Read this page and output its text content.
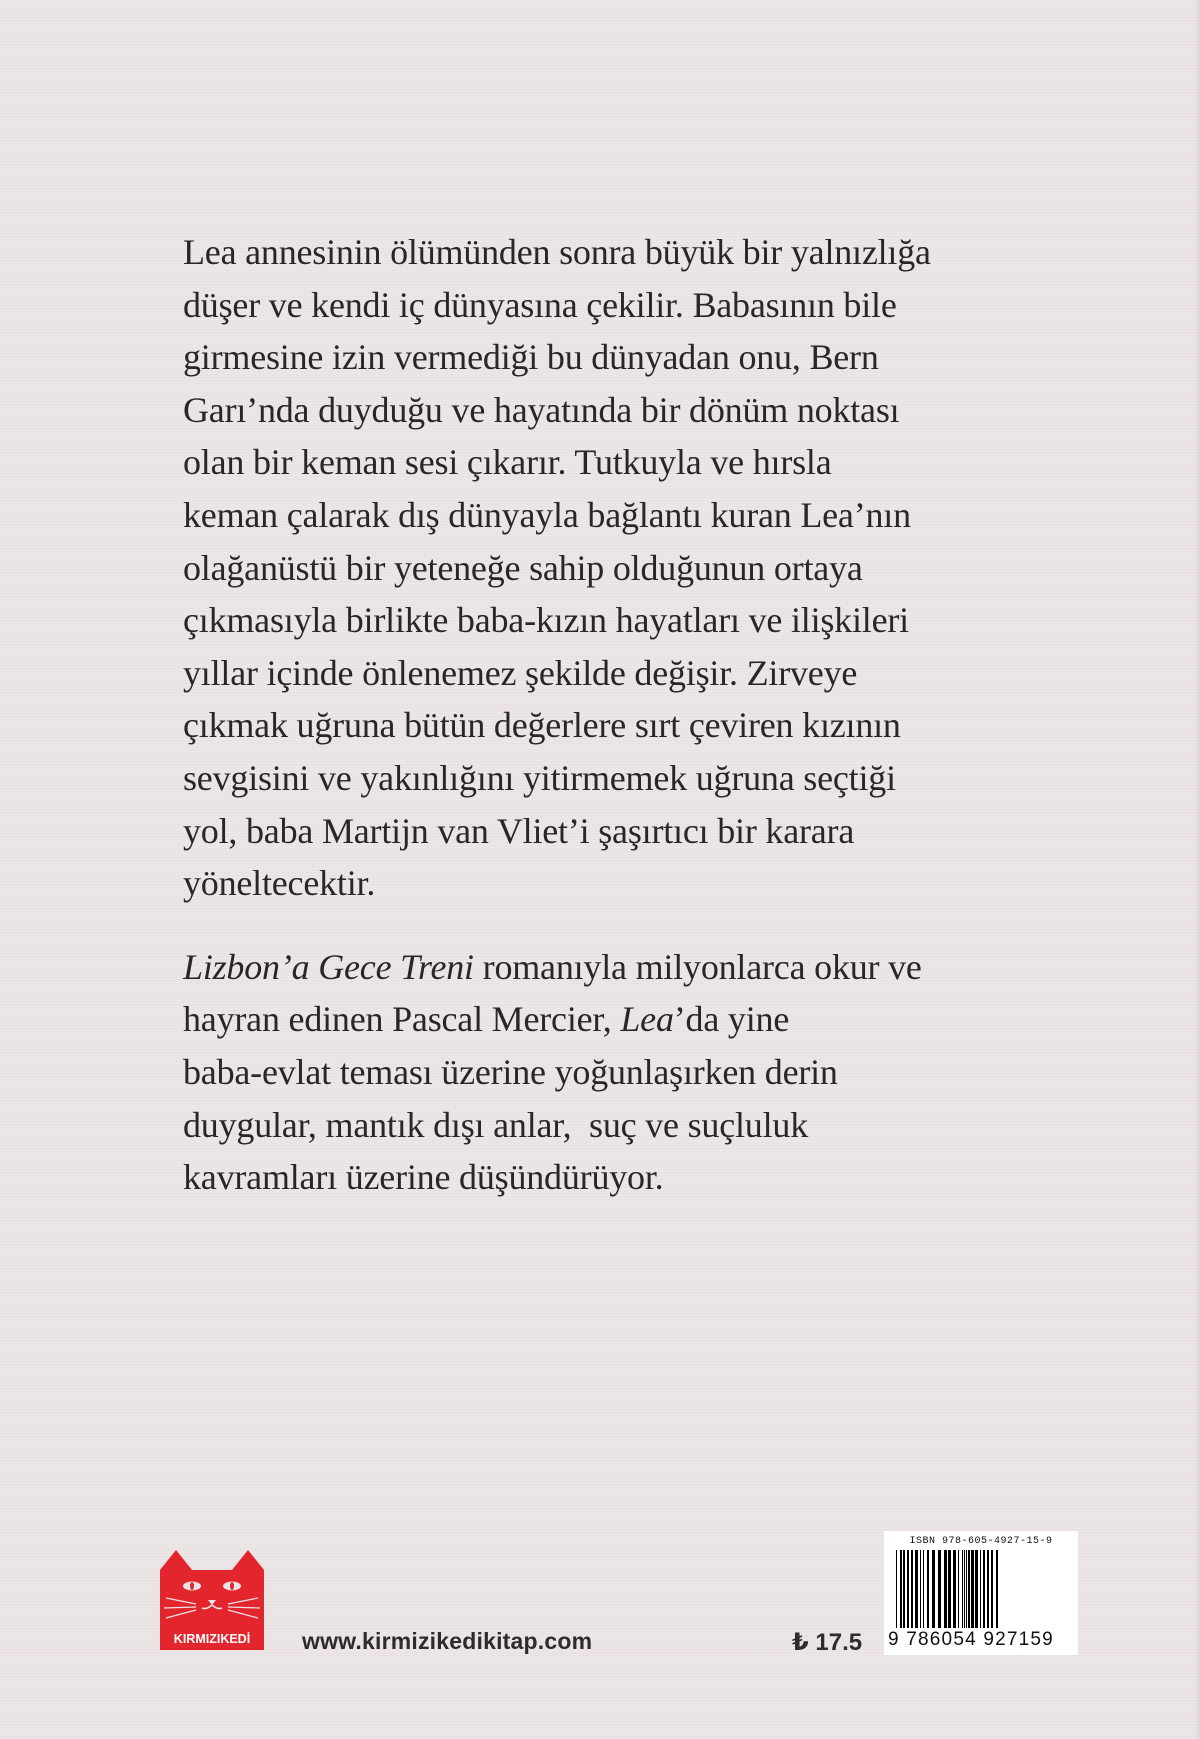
Lea annesinin ölümünden sonra büyük bir yalnızlığa
düşer ve kendi iç dünyasına çekilir. Babasının bile
girmesine izin vermediği bu dünyadan onu, Bern
Garı’nda duyduğu ve hayatında bir dönüm noktası
olan bir keman sesi çıkarır. Tutkuyla ve hırsla
keman çalarak dış dünyayla bağlantı kuran Lea’nın
olağanüstü bir yeteneğe sahip olduğunun ortaya
çıkmasıyla birlikte baba-kızın hayatları ve ilişkileri
yıllar içinde önlenemez şekilde değişir. Zirveye
çıkmak uğruna bütün değerlere sırt çeviren kızının
sevgisini ve yakınlığını yitirmemek uğruna seçtiği
yol, baba Martijn van Vliet’i şaşırtıcı bir karara
yöneltecektir.

Lizbon’a Gece Treni romanıyla milyonlarca okur ve
hayran edinen Pascal Mercier, Lea’da yine
baba-evlat teması üzerine yoğunlaşırken derin
duygular, mantık dışı anlar,  suç ve suçluluk
kavramları üzerine düşündürüyor.

KIRMIZIKEDİ www.kirmizikedikitap.com	₺ 17.5
ISBN 978-605-4927-15-9
9 786054 927159
